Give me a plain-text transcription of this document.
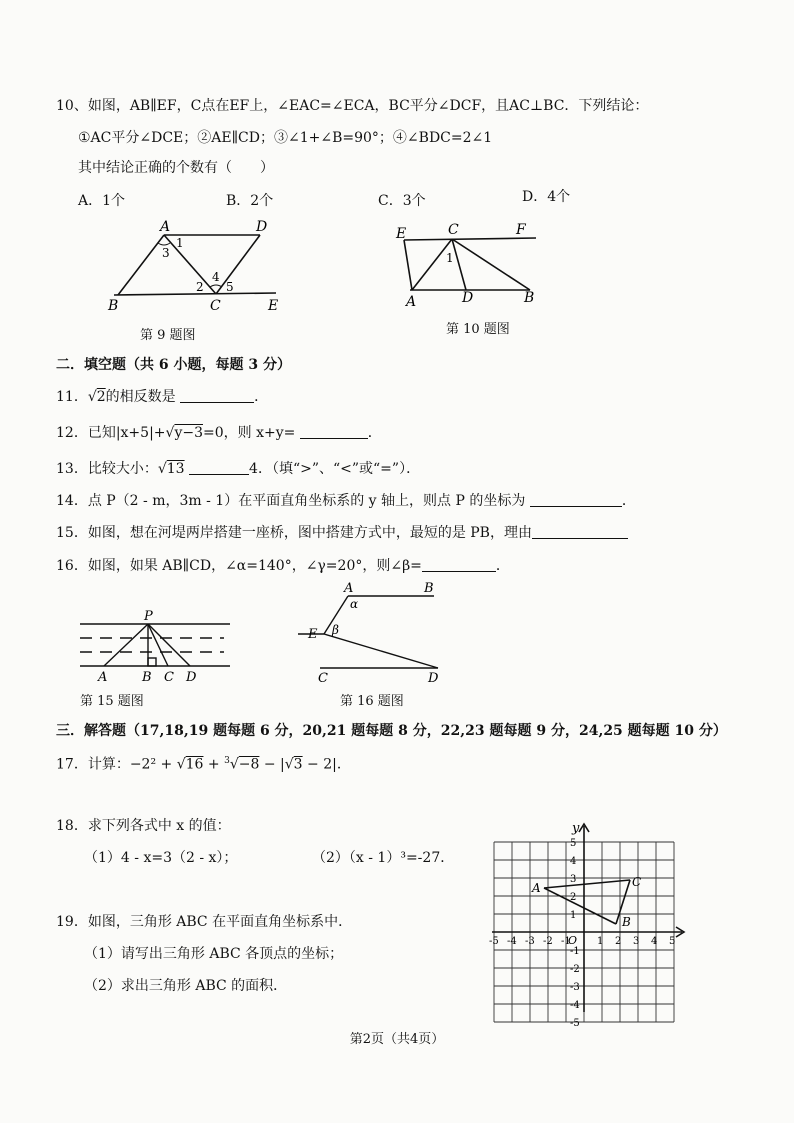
10、如图，AB∥EF，C点在EF上，∠EAC=∠ECA，BC平分∠DCF，且AC⊥BC．下列结论：
①AC平分∠DCE；②AE∥CD；③∠1+∠B=90°；④∠BDC=2∠1
其中结论正确的个数有（　　）
A．1个	B．2个	C．3个	D．4个
A	D
B	C	E
1
3
2
4
5
第 9 题图
E	C	F
A	D	B
1
第 10 题图
二．填空题（共 6 小题，每题 3 分）
11．√2的相反数是	．
12．已知|x+5|+√y−3=0，则 x+y=	．
13．比较大小：√13	4．（填“>”、“<”或“=”）．
14．点 P（2 - m，3m - 1）在平面直角坐标系的 y 轴上，则点 P 的坐标为	．
15．如图，想在河堤两岸搭建一座桥，图中搭建方式中，最短的是 PB，理由
16．如图，如果 AB∥CD，∠α=140°，∠γ=20°，则∠β=	．
P
A	B C D
第 15 题图
A	B
E
C	D
α
β
第 16 题图
三．解答题（17,18,19 题每题 6 分，20,21 题每题 8 分，22,23 题每题 9 分，24,25 题每题 10 分）
17．计算：−2² + √16 + $^3$√−8 − |√3 − 2|．
18．求下列各式中 x 的值：
（1）4 - x=3（2 - x）；	（2）（x - 1）³=-27．
19．如图，三角形 ABC 在平面直角坐标系中．
（1）请写出三角形 ABC 各顶点的坐标；
（2）求出三角形 ABC 的面积．
y
O
A
B
C
-5 -4 -3 -2 -1	1 2 3 4 5
5
4
3
2
1
-1
-2
-3
-4
-5
第2页（共4页）
